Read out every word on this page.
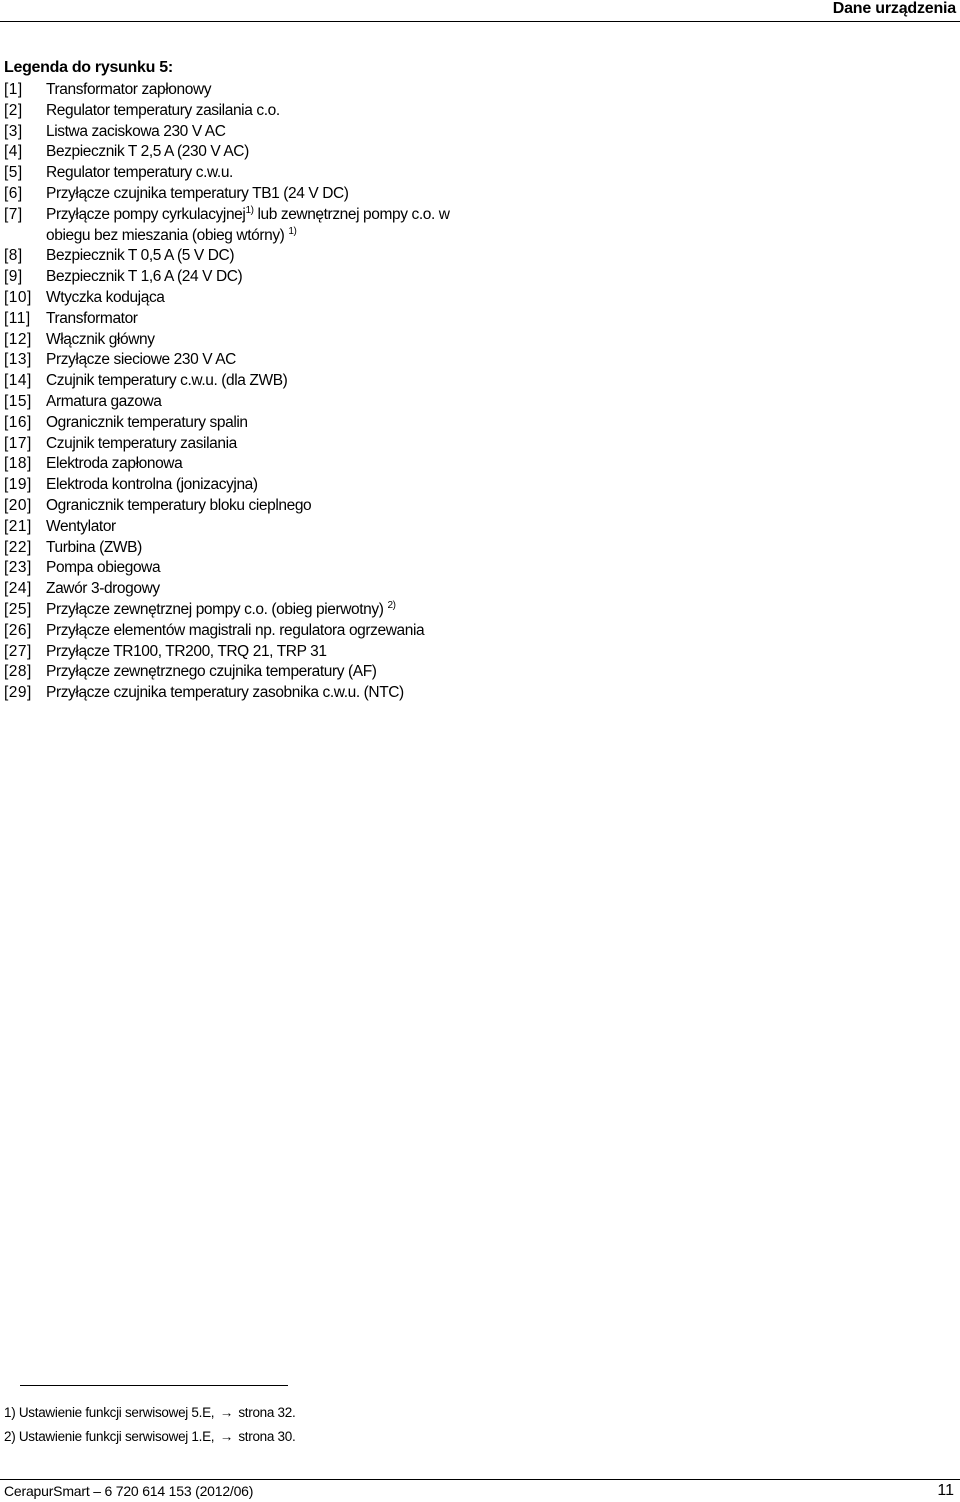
Dane urządzenia
Legenda do rysunku 5:
[1]	Transformator zapłonowy
[2]	Regulator temperatury zasilania c.o.
[3]	Listwa zaciskowa 230 V AC
[4]	Bezpiecznik T 2,5 A (230 V AC)
[5]	Regulator temperatury c.w.u.
[6]	Przyłącze czujnika temperatury TB1 (24 V DC)
[7]	Przyłącze pompy cyrkulacyjnej$^{1)}$ lub zewnętrznej pompy c.o. w obiegu bez mieszania (obieg wtórny) $^{1)}$
[8]	Bezpiecznik T 0,5 A (5 V DC)
[9]	Bezpiecznik T 1,6 A (24 V DC)
[10] Wtyczka kodująca
[11] Transformator
[12] Włącznik główny
[13] Przyłącze sieciowe 230 V AC
[14] Czujnik temperatury c.w.u. (dla ZWB)
[15] Armatura gazowa
[16] Ogranicznik temperatury spalin
[17] Czujnik temperatury zasilania
[18] Elektroda zapłonowa
[19] Elektroda kontrolna (jonizacyjna)
[20] Ogranicznik temperatury bloku cieplnego
[21] Wentylator
[22] Turbina (ZWB)
[23] Pompa obiegowa
[24] Zawór 3-drogowy
[25] Przyłącze zewnętrznej pompy c.o. (obieg pierwotny) $^{2)}$
[26] Przyłącze elementów magistrali np. regulatora ogrzewania
[27] Przyłącze TR100, TR200, TRQ 21, TRP 31
[28] Przyłącze zewnętrznego czujnika temperatury (AF)
[29] Przyłącze czujnika temperatury zasobnika c.w.u. (NTC)
1) Ustawienie funkcji serwisowej 5.E, → strona 32.
2) Ustawienie funkcji serwisowej 1.E, → strona 30.
CerapurSmart – 6 720 614 153 (2012/06)	11
